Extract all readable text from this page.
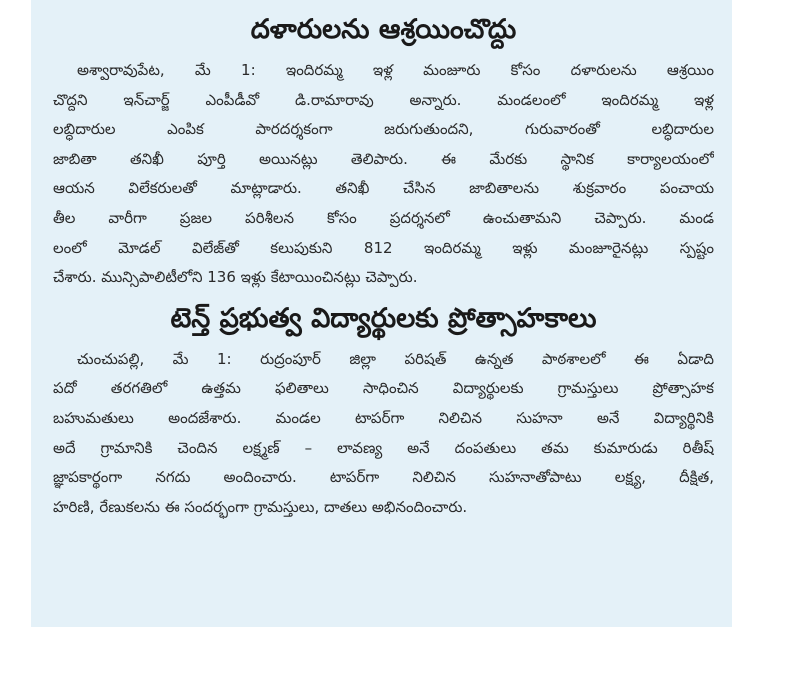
దళారులను ఆశ్రయించొద్దు
అశ్వారావుపేట, మే 1: ఇందిరమ్మ ఇళ్ల మంజూరు కోసం దళారులను ఆశ్రయిం
చొద్దని ఇన్‌చార్జ్ ఎంపీడీవో డి.రామారావు అన్నారు. మండలంలో ఇందిరమ్మ ఇళ్ల
లబ్ధిదారుల ఎంపిక పారదర్శకంగా జరుగుతుందని, గురువారంతో లబ్ధిదారుల
జాబితా తనిఖీ పూర్తి అయినట్లు తెలిపారు. ఈ మేరకు స్థానిక కార్యాలయంలో
ఆయన విలేకరులతో మాట్లాడారు. తనిఖీ చేసిన జాబితాలను శుక్రవారం పంచాయ
తీల వారీగా ప్రజల పరిశీలన కోసం ప్రదర్శనలో ఉంచుతామని చెప్పారు. మండ
లంలో మోడల్ విలేజ్‌తో కలుపుకుని 812 ఇందిరమ్మ ఇళ్లు మంజూరైనట్లు స్పష్టం
చేశారు. మున్సిపాలిటీలోని 136 ఇళ్లు కేటాయించినట్లు చెప్పారు.
టెన్త్ ప్రభుత్వ విద్యార్థులకు ప్రోత్సాహకాలు
చుంచుపల్లి, మే 1: రుద్రంపూర్ జిల్లా పరిషత్ ఉన్నత పాఠశాలలో ఈ ఏడాది
పదో తరగతిలో ఉత్తమ ఫలితాలు సాధించిన విద్యార్థులకు గ్రామస్తులు ప్రోత్సాహక
బహుమతులు అందజేశారు. మండల టాపర్‌గా నిలిచిన సుహనా అనే విద్యార్థినికి
అదే గ్రామానికి చెందిన లక్ష్మణ్ – లావణ్య అనే దంపతులు తమ కుమారుడు రితీష్
జ్ఞాపకార్థంగా నగదు అందించారు. టాపర్‌గా నిలిచిన సుహనాతోపాటు లక్ష్య, దీక్షిత,
హరిణి, రేణుకలను ఈ సందర్భంగా గ్రామస్తులు, దాతలు అభినందించారు.
